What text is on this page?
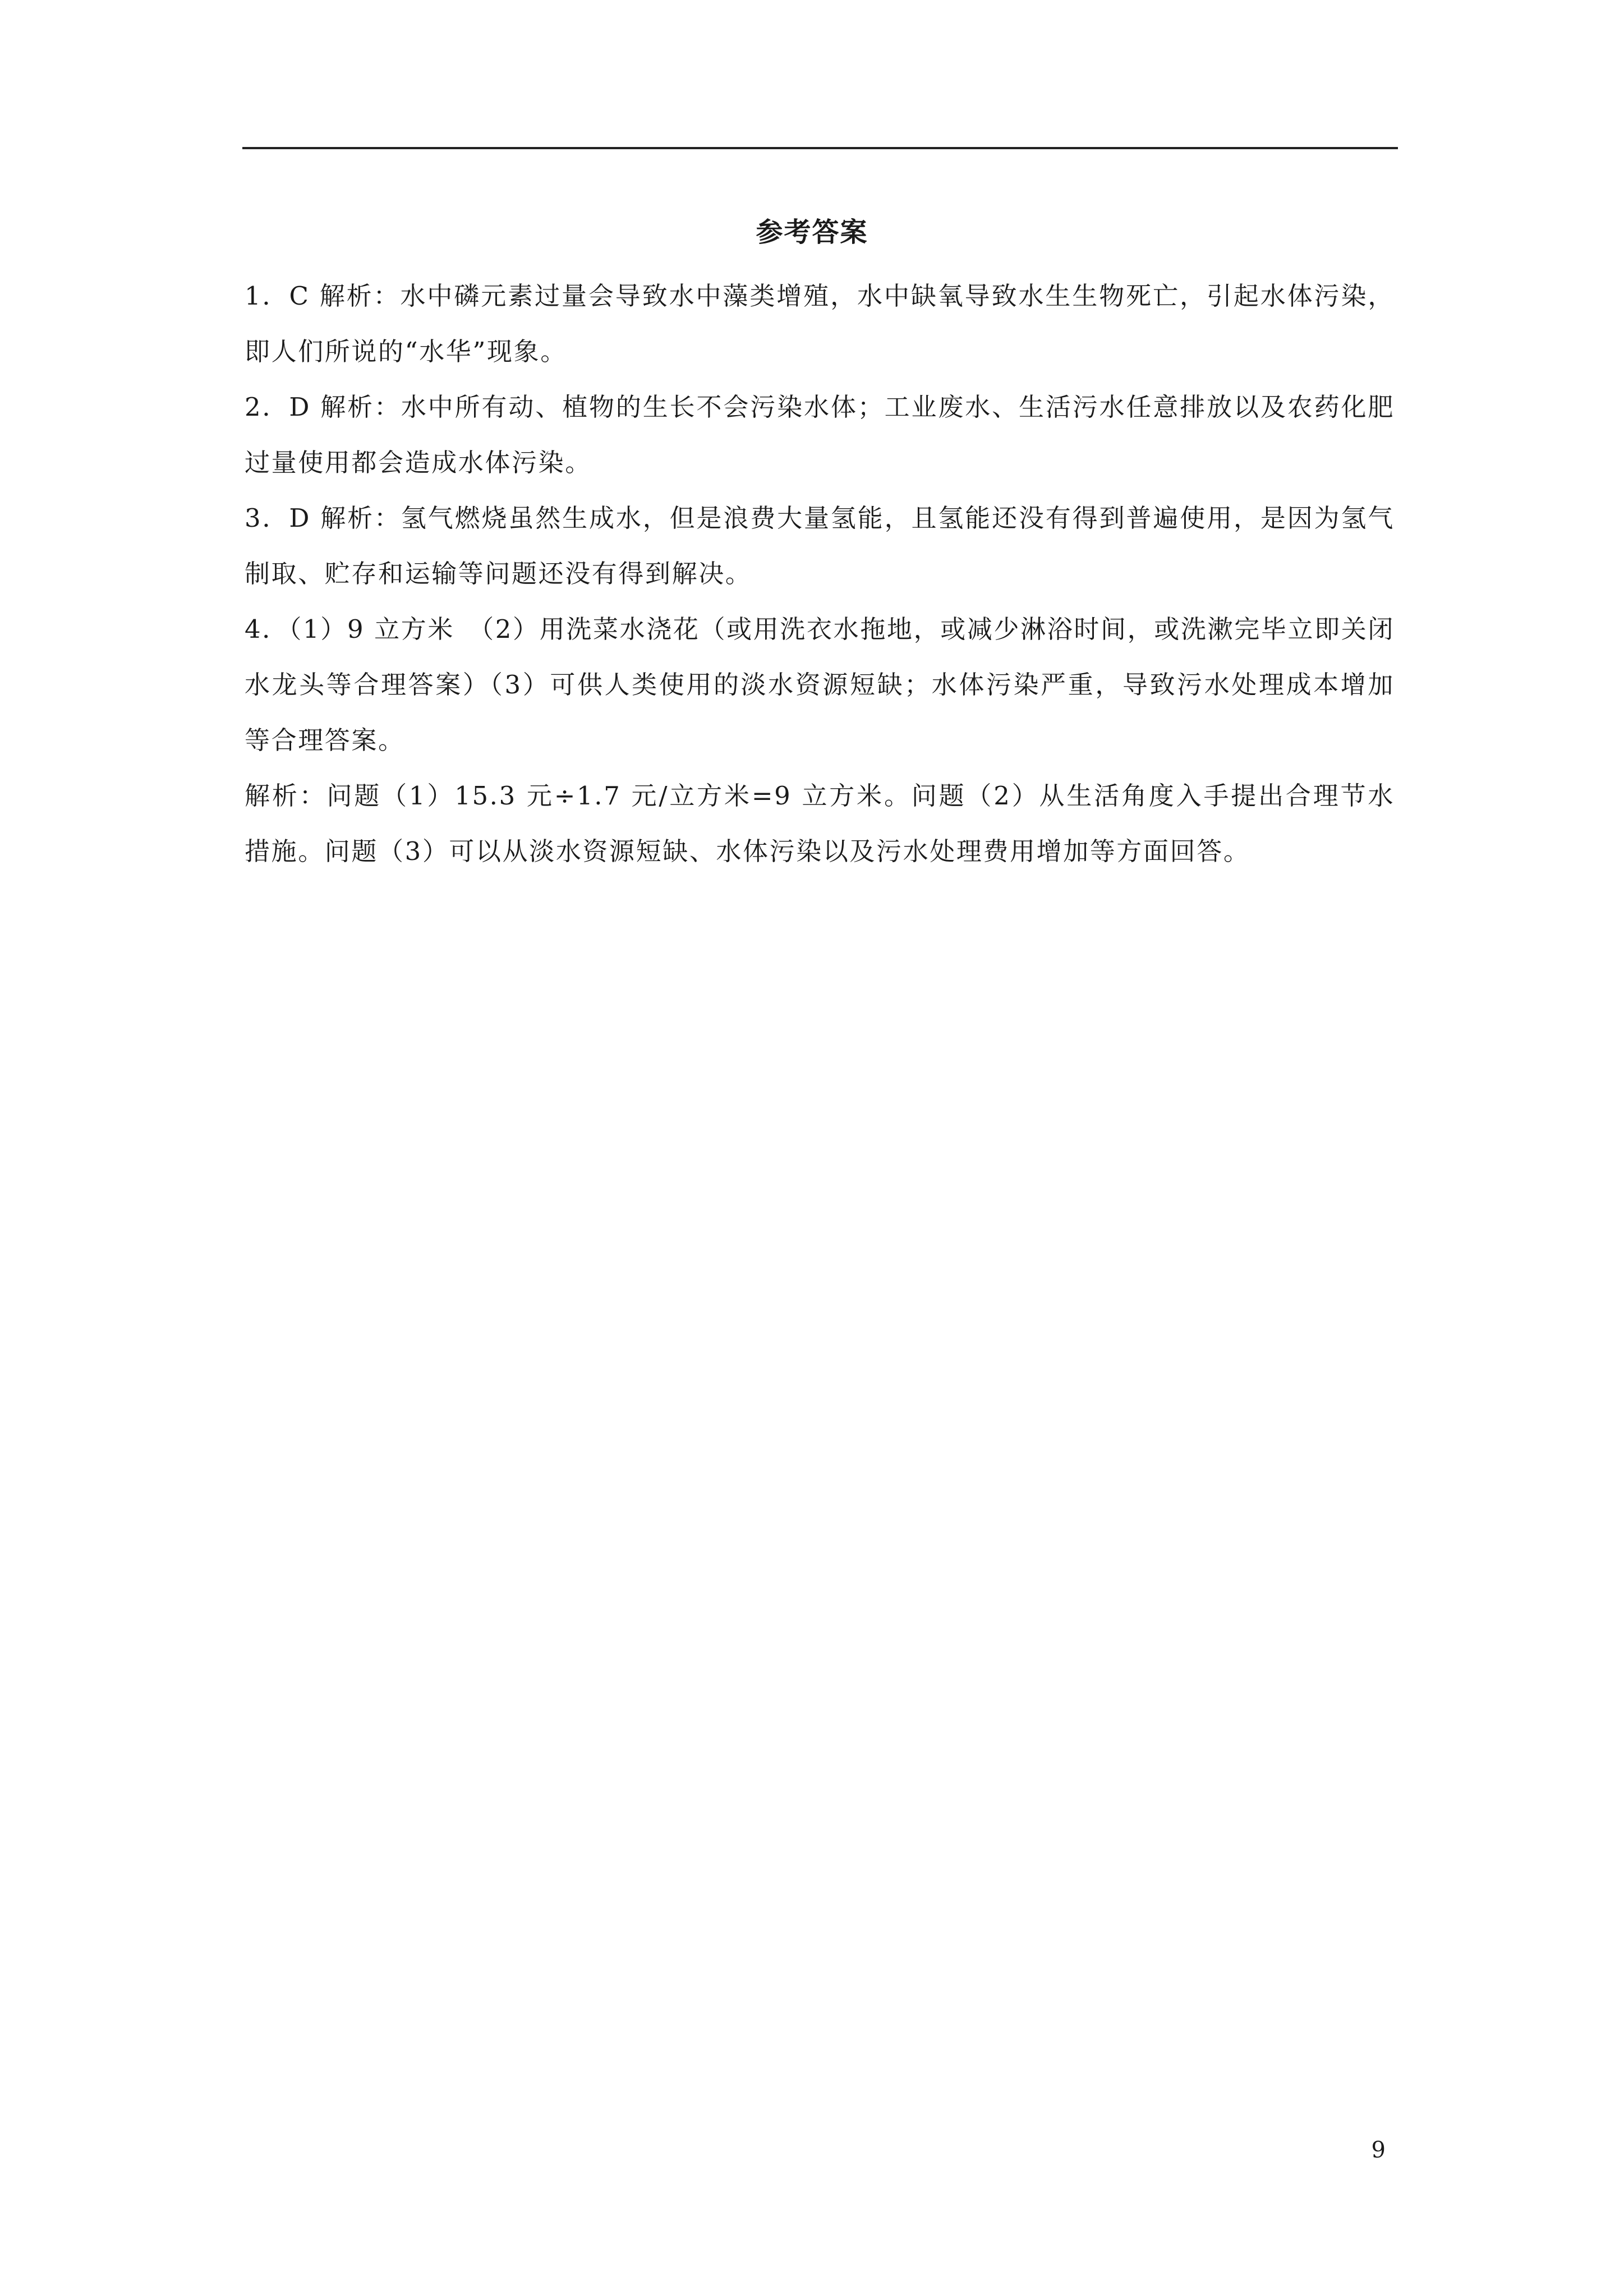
参考答案

1．C 解析：水中磷元素过量会导致水中藻类增殖，水中缺氧导致水生生物死亡，引起水体污染，即人们所说的“水华”现象。

2．D 解析：水中所有动、植物的生长不会污染水体；工业废水、生活污水任意排放以及农药化肥过量使用都会造成水体污染。

3．D 解析：氢气燃烧虽然生成水，但是浪费大量氢能，且氢能还没有得到普遍使用，是因为氢气制取、贮存和运输等问题还没有得到解决。

4．（1）9 立方米　（2）用洗菜水浇花（或用洗衣水拖地，或减少淋浴时间，或洗漱完毕立即关闭水龙头等合理答案）（3）可供人类使用的淡水资源短缺；水体污染严重，导致污水处理成本增加等合理答案。

解析：问题（1）15.3 元÷1.7 元/立方米=9 立方米。问题（2）从生活角度入手提出合理节水措施。问题（3）可以从淡水资源短缺、水体污染以及污水处理费用增加等方面回答。

9
